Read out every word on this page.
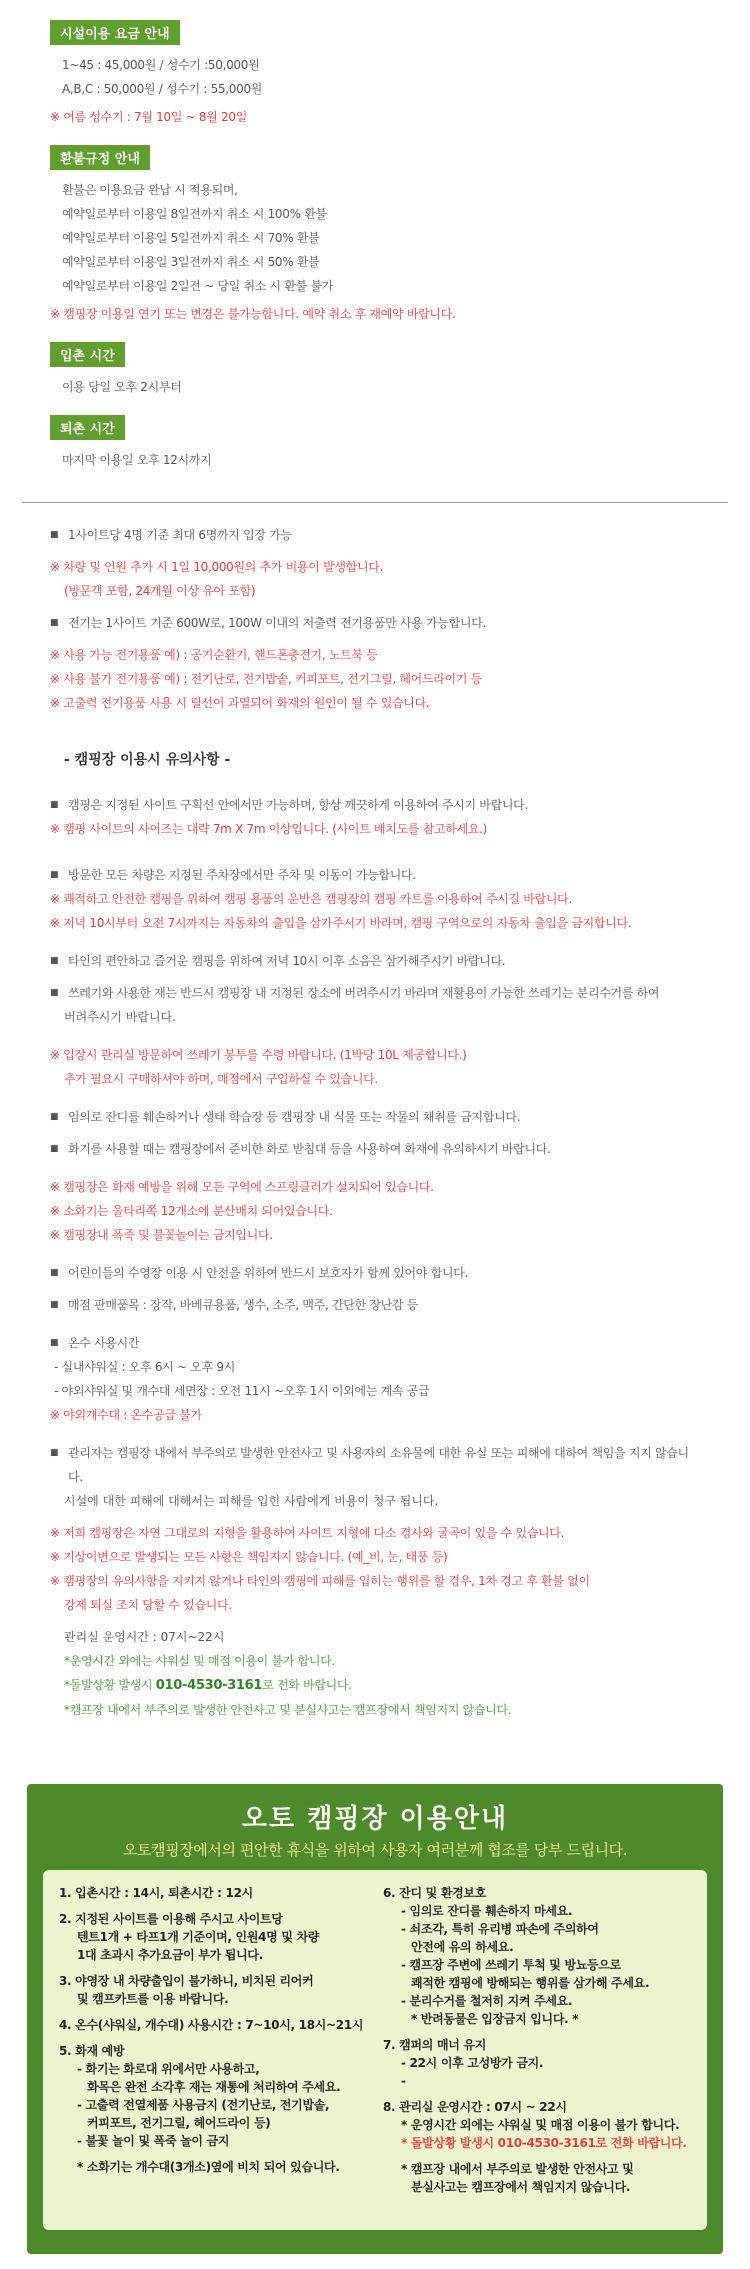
시설이용 요금 안내

1~45 : 45,000원 / 성수기 :50,000원

A,B,C : 50,000원 / 성수기 : 55,000원

※ 여름 성수기 : 7월 10일 ~ 8월 20일
환불규정 안내

환불은 이용요금 완납 시 적용되며,

예약일로부터 이용일 8일전까지 취소 시 100% 환불

예약일로부터 이용일 5일전까지 취소 시 70% 환불

예약일로부터 이용일 3일전까지 취소 시 50% 환불

예약일로부터 이용일 2일전 ~ 당일 취소 시 환불 불가

※ 캠핑장 이용일 연기 또는 변경은 불가능합니다. 예약 취소 후 재예약 바랍니다.
입촌 시간

이용 당일 오후 2시부터

퇴촌 시간

마지막 이용일 오후 12시까지

■ 1사이트당 4명 기준 최대 6명까지 입장 가능
※ 차량 및 인원 추가 시 1일 10,000원의 추가 비용이 발생합니다.
(방문객 포함, 24개월 이상 유아 포함)
■ 전기는 1사이트 기준 600W로, 100W 이내의 저출력 전기용품만 사용 가능합니다.
※ 사용 가능 전기용품 예) : 공기순환기, 핸드폰충전기, 노트북 등
※ 사용 불가 전기용품 예) : 전기난로, 전기밥솥, 커피포트, 전기그릴, 헤어드라이기 등
※ 고출력 전기용품 사용 시 릴선이 과열되어 화재의 원인이 될 수 있습니다.
- 캠핑장 이용시 유의사항 -
■ 캠핑은 지정된 사이트 구획선 안에서만 가능하며, 항상 깨끗하게 이용하여 주시기 바랍니다.
※ 캠핑 사이트의 사이즈는 대략 7m X 7m 이상입니다. (사이트 배치도를 참고하세요.)
■ 방문한 모든 차량은 지정된 주차장에서만 주차 및 이동이 가능합니다.
※ 쾌적하고 안전한 캠핑을 위하여 캠핑 용품의 운반은 캠핑장의 캠핑 카트를 이용하여 주시길 바랍니다.
※ 저녁 10시부터 오전 7시까지는 자동차의 출입을 삼가주시기 바라며, 캠핑 구역으로의 자동차 출입을 금지합니다.
■ 타인의 편안하고 즐거운 캠핑을 위하여 저녁 10시 이후 소음은 삼가해주시기 바랍니다.
■ 쓰레기와 사용한 재는 반드시 캠핑장 내 지정된 장소에 버려주시기 바라며 재활용이 가능한 쓰레기는 분리수거를 하여
버려주시기 바랍니다.
※ 입장시 관리실 방문하여 쓰레기 봉투를 수령 바랍니다. (1박당 10L 제공합니다.)
추가 필요시 구매하셔야 하며, 매점에서 구입하실 수 있습니다.
■ 임의로 잔디를 훼손하거나 생태 학습장 등 캠핑장 내 식물 또는 작물의 채취를 금지합니다.
■ 화기를 사용할 때는 캠핑장에서 준비한 화로 받침대 등을 사용하여 화재에 유의하시기 바랍니다.
※ 캠핑장은 화재 예방을 위해 모든 구역에 스프링클러가 설치되어 있습니다.
※ 소화기는 울타리쪽 12개소에 분산배치 되어있습니다.
※ 캠핑장내 폭죽 및 불꽃놀이는 금지입니다.
■ 어린이들의 수영장 이용 시 안전을 위하여 반드시 보호자가 함께 있어야 합니다.
■ 매점 판매품목 : 장작, 바베큐용품, 생수, 소주, 맥주, 간단한 장난감 등
■ 온수 사용시간
- 실내샤워실 : 오후 6시 ~ 오후 9시
- 야외샤워실 및 개수대 세면장 : 오전 11시 ~오후 1시 이외에는 계속 공급
※ 야외개수대 : 온수공급 불가
■ 관리자는 캠핑장 내에서 부주의로 발생한 안전사고 및 사용자의 소유물에 대한 유실 또는 피해에 대하여 책임을 지지 않습니다.
시설에 대한 피해에 대해서는 피해를 입힌 사람에게 비용이 청구 됩니다.
※ 저희 캠핑장은 자연 그대로의 지형을 활용하여 사이트 지형에 다소 경사와 굴곡이 있을 수 있습니다.
※ 기상이변으로 발생되는 모든 사항은 책임지지 않습니다. (예_비, 눈, 태풍 등)
※ 캠핑장의 유의사항을 지키지 않거나 타인의 캠핑에 피해를 입히는 행위를 할 경우, 1차 경고 후 환불 없이
강제 퇴실 조치 당할 수 있습니다.
관리실 운영시간 : 07시~22시
*운영시간 외에는 샤워실 및 매점 이용이 불가 합니다.
*돌발상황 발생시 010-4530-3161로 전화 바랍니다.
*캠프장 내에서 부주의로 발생한 안전사고 및 분실사고는 캠프장에서 책임지지 않습니다.
오토 캠핑장 이용안내
오토캠핑장에서의 편안한 휴식을 위하여 사용자 여러분께 협조를 당부 드립니다.
1. 입촌시간 : 14시, 퇴촌시간 : 12시
2. 지정된 사이트를 이용해 주시고 사이트당
텐트1개 + 타프1개 기준이며, 인원4명 및 차량
1대 초과시 추가요금이 부가 됩니다.
3. 야영장 내 차량출입이 불가하니, 비치된 리어커
및 캠프카트를 이용 바랍니다.
4. 온수(샤워실, 개수대) 사용시간 : 7~10시, 18시~21시
5. 화재 예방
- 화기는 화로대 위에서만 사용하고,
화목은 완전 소각후 재는 재통에 처리하여 주세요.
- 고출력 전열제품 사용금지 (전기난로, 전기밥솥,
커피포트, 전기그릴, 헤어드라이 등)
- 불꽃 놀이 및 폭죽 놀이 금지
* 소화기는 개수대(3개소)옆에 비치 되어 있습니다.
6. 잔디 및 환경보호
- 임의로 잔디를 훼손하지 마세요.
- 쇠조각, 특히 유리병 파손에 주의하여
안전에 유의 하세요.
- 캠프장 주변에 쓰레기 투척 및 방뇨등으로
쾌적한 캠핑에 방해되는 행위를 삼가해 주세요.
- 분리수거를 철저히 지켜 주세요.
* 반려동물은 입장금지 입니다. *
7. 캠퍼의 매너 유지
- 22시 이후 고성방가 금지.
-
8. 관리실 운영시간 : 07시 ~ 22시
* 운영시간 외에는 샤워실 및 매점 이용이 불가 합니다.
* 돌발상황 발생시 010-4530-3161로 전화 바랍니다.
* 캠프장 내에서 부주의로 발생한 안전사고 및
분실사고는 캠프장에서 책임지지 않습니다.
